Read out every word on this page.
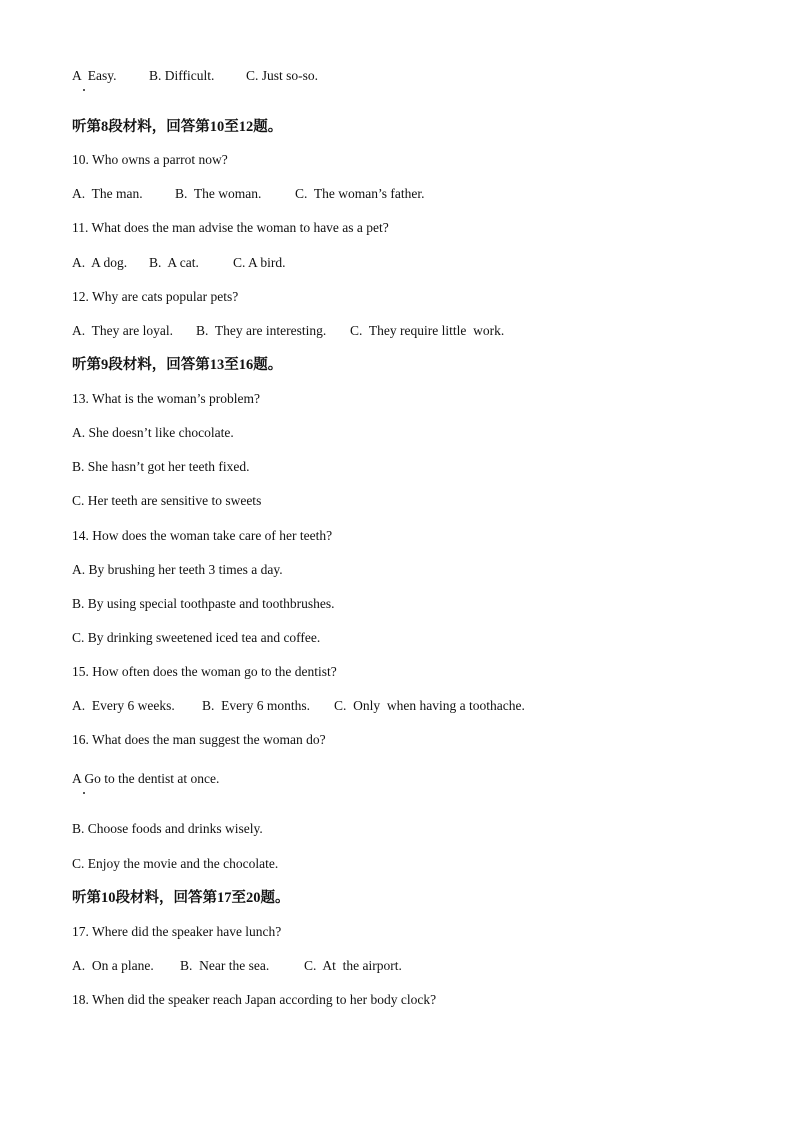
A  Easy.	B. Difficult.	C. Just so-so.
听第8段材料，回答第10至12题。
10. Who owns a parrot now?
A.  The man.	B.  The woman.	C.  The woman’s father.
11. What does the man advise the woman to have as a pet?
A.  A dog.	B.  A cat.	C. A bird.
12. Why are cats popular pets?
A.  They are loyal.	B.  They are interesting.	C.  They require little  work.
听第9段材料，回答第13至16题。
13. What is the woman’s problem?
A. She doesn’t like chocolate.
B. She hasn’t got her teeth fixed.
C. Her teeth are sensitive to sweets
14. How does the woman take care of her teeth?
A. By brushing her teeth 3 times a day.
B. By using special toothpaste and toothbrushes.
C. By drinking sweetened iced tea and coffee.
15. How often does the woman go to the dentist?
A.  Every 6 weeks.	B.  Every 6 months.	C.  Only  when having a toothache.
16. What does the man suggest the woman do?
A Go to the dentist at once.
B. Choose foods and drinks wisely.
C. Enjoy the movie and the chocolate.
听第10段材料，回答第17至20题。
17. Where did the speaker have lunch?
A.  On a plane.	B.  Near the sea.	C.  At  the airport.
18. When did the speaker reach Japan according to her body clock?
